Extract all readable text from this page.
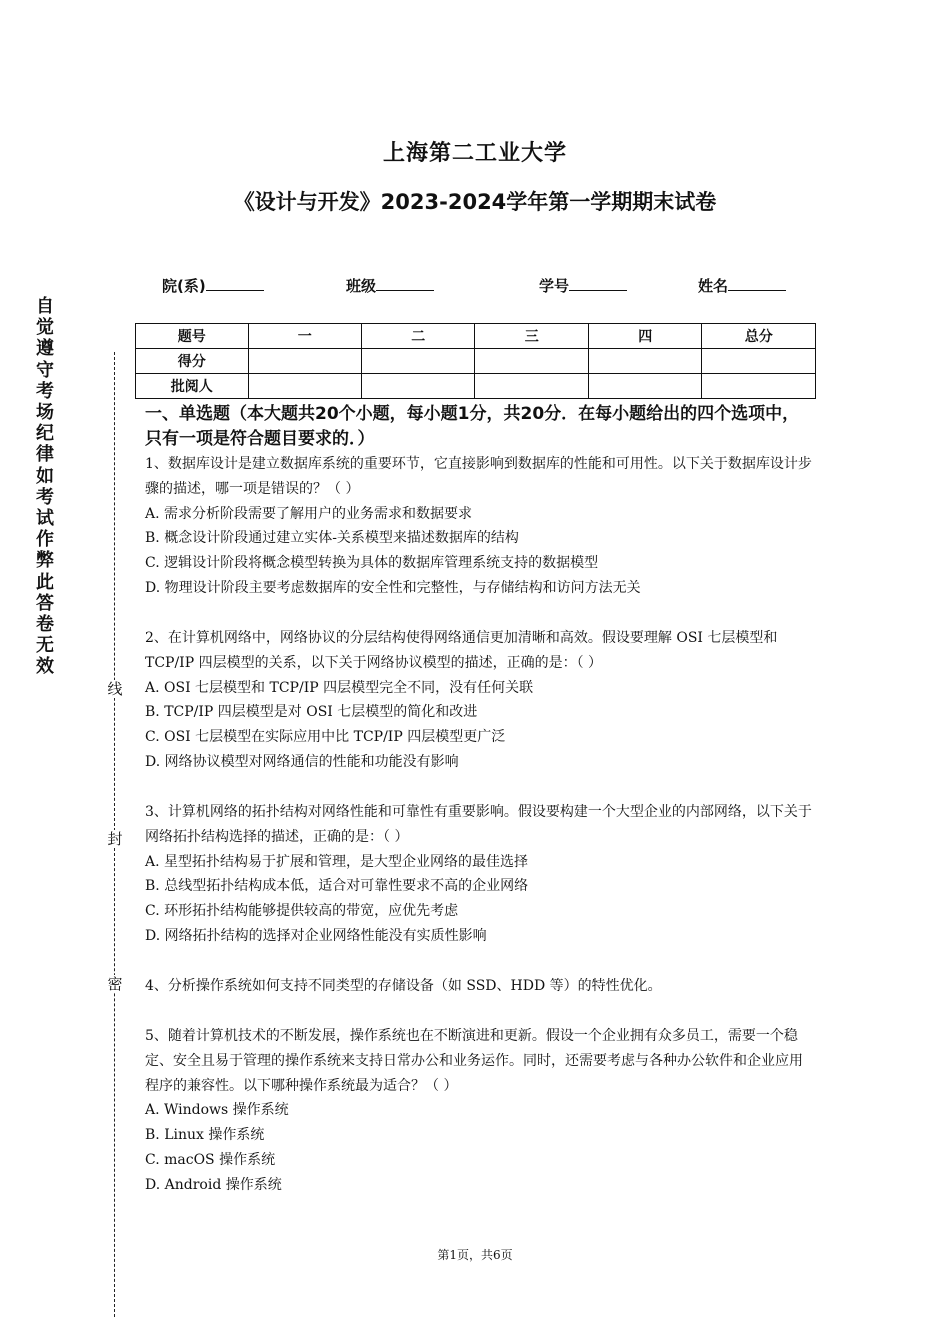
上海第二工业大学
《设计与开发》2023-2024学年第一学期期末试卷
院(系)	班级	学号	姓名
题号	一	二	三	四	总分
得分					
批阅人					
自
觉
遵
守
考
场
纪
律
如
考
试
作
弊
此
答
卷
无
效
线
封
密
一、单选题（本大题共20个小题，每小题1分，共20分．在每小题给出的四个选项中，只有一项是符合题目要求的．）

1、数据库设计是建立数据库系统的重要环节，它直接影响到数据库的性能和可用性。以下关于数据库设计步骤的描述，哪一项是错误的？（ ）

A. 需求分析阶段需要了解用户的业务需求和数据要求

B. 概念设计阶段通过建立实体-关系模型来描述数据库的结构

C. 逻辑设计阶段将概念模型转换为具体的数据库管理系统支持的数据模型

D. 物理设计阶段主要考虑数据库的安全性和完整性，与存储结构和访问方法无关

2、在计算机网络中，网络协议的分层结构使得网络通信更加清晰和高效。假设要理解 OSI 七层模型和 TCP/IP 四层模型的关系，以下关于网络协议模型的描述，正确的是：（ ）

A. OSI 七层模型和 TCP/IP 四层模型完全不同，没有任何关联

B. TCP/IP 四层模型是对 OSI 七层模型的简化和改进

C. OSI 七层模型在实际应用中比 TCP/IP 四层模型更广泛

D. 网络协议模型对网络通信的性能和功能没有影响

3、计算机网络的拓扑结构对网络性能和可靠性有重要影响。假设要构建一个大型企业的内部网络，以下关于网络拓扑结构选择的描述，正确的是：（ ）

A. 星型拓扑结构易于扩展和管理，是大型企业网络的最佳选择

B. 总线型拓扑结构成本低，适合对可靠性要求不高的企业网络

C. 环形拓扑结构能够提供较高的带宽，应优先考虑

D. 网络拓扑结构的选择对企业网络性能没有实质性影响

4、分析操作系统如何支持不同类型的存储设备（如 SSD、HDD 等）的特性优化。

5、随着计算机技术的不断发展，操作系统也在不断演进和更新。假设一个企业拥有众多员工，需要一个稳定、安全且易于管理的操作系统来支持日常办公和业务运作。同时，还需要考虑与各种办公软件和企业应用程序的兼容性。以下哪种操作系统最为适合？（ ）

A. Windows 操作系统

B. Linux 操作系统

C. macOS 操作系统

D. Android 操作系统

第1页，共6页
